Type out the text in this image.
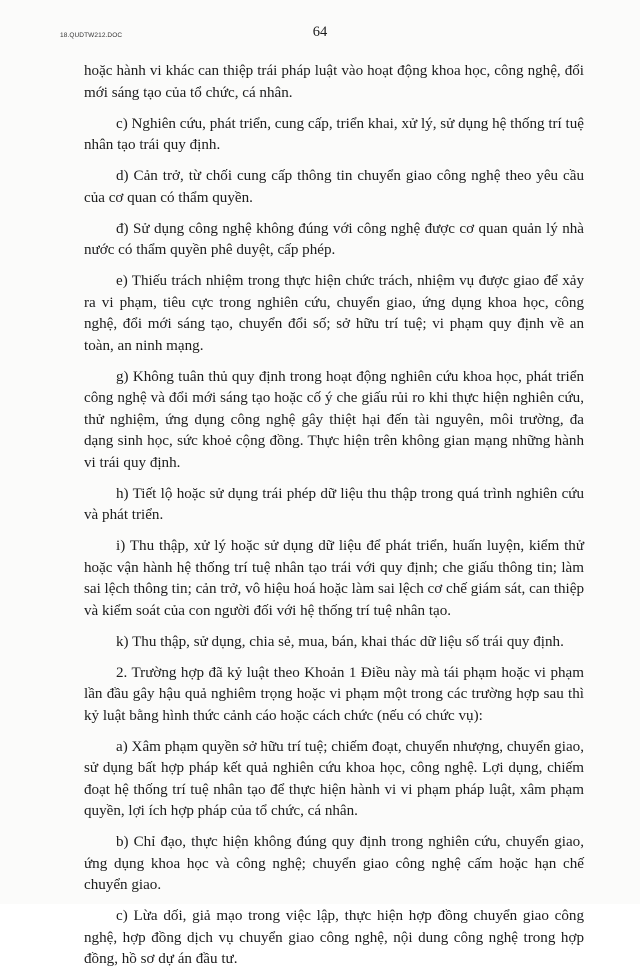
18.QUDTW212.DOC	64

hoặc hành vi khác can thiệp trái pháp luật vào hoạt động khoa học, công nghệ, đổi mới sáng tạo của tổ chức, cá nhân.

c) Nghiên cứu, phát triển, cung cấp, triển khai, xử lý, sử dụng hệ thống trí tuệ nhân tạo trái quy định.

d) Cản trở, từ chối cung cấp thông tin chuyển giao công nghệ theo yêu cầu của cơ quan có thẩm quyền.

đ) Sử dụng công nghệ không đúng với công nghệ được cơ quan quản lý nhà nước có thẩm quyền phê duyệt, cấp phép.

e) Thiếu trách nhiệm trong thực hiện chức trách, nhiệm vụ được giao để xảy ra vi phạm, tiêu cực trong nghiên cứu, chuyển giao, ứng dụng khoa học, công nghệ, đổi mới sáng tạo, chuyển đổi số; sở hữu trí tuệ; vi phạm quy định về an toàn, an ninh mạng.

g) Không tuân thủ quy định trong hoạt động nghiên cứu khoa học, phát triển công nghệ và đổi mới sáng tạo hoặc cố ý che giấu rủi ro khi thực hiện nghiên cứu, thử nghiệm, ứng dụng công nghệ gây thiệt hại đến tài nguyên, môi trường, đa dạng sinh học, sức khoẻ cộng đồng. Thực hiện trên không gian mạng những hành vi trái quy định.

h) Tiết lộ hoặc sử dụng trái phép dữ liệu thu thập trong quá trình nghiên cứu và phát triển.

i) Thu thập, xử lý hoặc sử dụng dữ liệu để phát triển, huấn luyện, kiểm thử hoặc vận hành hệ thống trí tuệ nhân tạo trái với quy định; che giấu thông tin; làm sai lệch thông tin; cản trở, vô hiệu hoá hoặc làm sai lệch cơ chế giám sát, can thiệp và kiểm soát của con người đối với hệ thống trí tuệ nhân tạo.

k) Thu thập, sử dụng, chia sẻ, mua, bán, khai thác dữ liệu số trái quy định.

2. Trường hợp đã kỷ luật theo Khoản 1 Điều này mà tái phạm hoặc vi phạm lần đầu gây hậu quả nghiêm trọng hoặc vi phạm một trong các trường hợp sau thì kỷ luật bằng hình thức cảnh cáo hoặc cách chức (nếu có chức vụ):

a) Xâm phạm quyền sở hữu trí tuệ; chiếm đoạt, chuyển nhượng, chuyển giao, sử dụng bất hợp pháp kết quả nghiên cứu khoa học, công nghệ. Lợi dụng, chiếm đoạt hệ thống trí tuệ nhân tạo để thực hiện hành vi vi phạm pháp luật, xâm phạm quyền, lợi ích hợp pháp của tổ chức, cá nhân.

b) Chỉ đạo, thực hiện không đúng quy định trong nghiên cứu, chuyển giao, ứng dụng khoa học và công nghệ; chuyển giao công nghệ cấm hoặc hạn chế chuyển giao.

c) Lừa dối, giả mạo trong việc lập, thực hiện hợp đồng chuyển giao công nghệ, hợp đồng dịch vụ chuyển giao công nghệ, nội dung công nghệ trong hợp đồng, hồ sơ dự án đầu tư.
